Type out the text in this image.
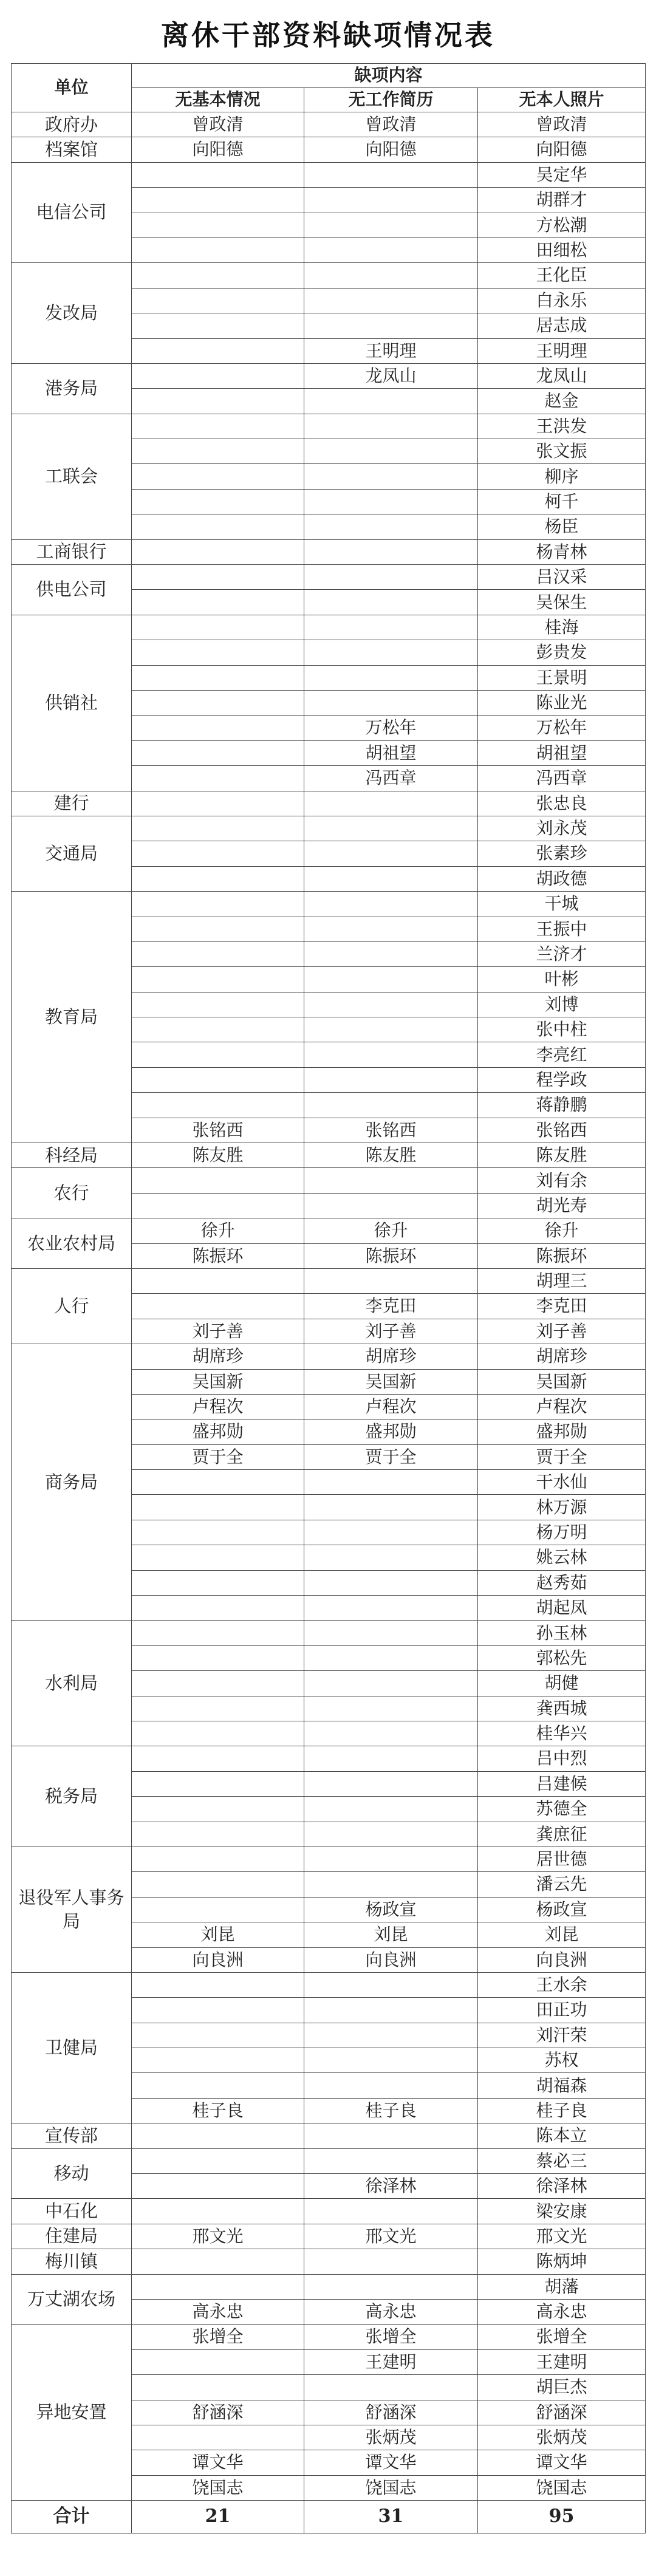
离休干部资料缺项情况表
单位	缺项内容		
	无基本情况	无工作简历	无本人照片
政府办	曾政清	曾政清	曾政清
档案馆	向阳德	向阳德	向阳德
电信公司			吴定华
			胡群才
			方松潮
			田细松
发改局			王化臣
			白永乐
			居志成
		王明理	王明理
港务局		龙凤山	龙凤山
			赵金
工联会			王洪发
			张文振
			柳序
			柯千
			杨臣
工商银行			杨青林
供电公司			吕汉采
			吴保生
供销社			桂海
			彭贵发
			王景明
			陈业光
		万松年	万松年
		胡祖望	胡祖望
		冯西章	冯西章
建行			张忠良
交通局			刘永茂
			张素珍
			胡政德
教育局			干城
			王振中
			兰济才
			叶彬
			刘博
			张中柱
			李亮红
			程学政
			蒋静鹏
	张铭西	张铭西	张铭西
科经局	陈友胜	陈友胜	陈友胜
农行			刘有余
			胡光寿
农业农村局	徐升	徐升	徐升
	陈振环	陈振环	陈振环
人行			胡理三
		李克田	李克田
	刘子善	刘子善	刘子善
商务局	胡席珍	胡席珍	胡席珍
	吴国新	吴国新	吴国新
	卢程次	卢程次	卢程次
	盛邦勋	盛邦勋	盛邦勋
	贾于全	贾于全	贾于全
			干水仙
			林万源
			杨万明
			姚云林
			赵秀茹
			胡起凤
水利局			孙玉林
			郭松先
			胡健
			龚西城
			桂华兴
税务局			吕中烈
			吕建候
			苏德全
			龚庶征
退役军人事务局			居世德
			潘云先
		杨政宣	杨政宣
	刘昆	刘昆	刘昆
	向良洲	向良洲	向良洲
卫健局			王水余
			田正功
			刘汗荣
			苏权
			胡福森
	桂子良	桂子良	桂子良
宣传部			陈本立
移动			蔡必三
		徐泽林	徐泽林
中石化			梁安康
住建局	邢文光	邢文光	邢文光
梅川镇			陈炳坤
万丈湖农场			胡藩
	高永忠	高永忠	高永忠
异地安置	张增全	张增全	张增全
		王建明	王建明
			胡巨杰
	舒涵深	舒涵深	舒涵深
		张炳茂	张炳茂
	谭文华	谭文华	谭文华
	饶国志	饶国志	饶国志
合计	21	31	95
